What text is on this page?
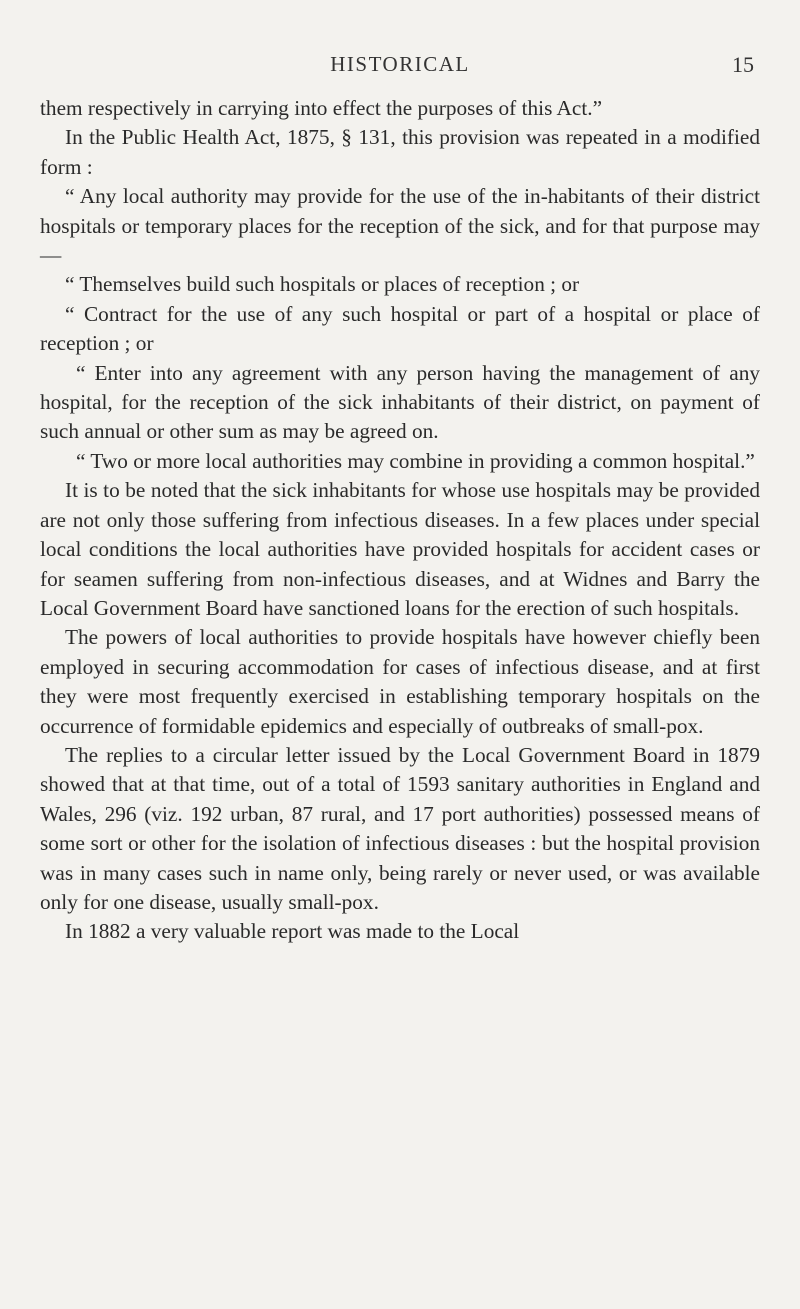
HISTORICAL	15

them respectively in carrying into effect the purposes of this Act.”

In the Public Health Act, 1875, § 131, this provision was repeated in a modified form :

“ Any local authority may provide for the use of the in-habitants of their district hospitals or temporary places for the reception of the sick, and for that purpose may—

“ Themselves build such hospitals or places of reception ; or

“ Contract for the use of any such hospital or part of a hospital or place of reception ; or

“ Enter into any agreement with any person having the management of any hospital, for the reception of the sick inhabitants of their district, on payment of such annual or other sum as may be agreed on.

“ Two or more local authorities may combine in providing a common hospital.”

It is to be noted that the sick inhabitants for whose use hospitals may be provided are not only those suffering from infectious diseases. In a few places under special local conditions the local authorities have provided hospitals for accident cases or for seamen suffering from non-infectious diseases, and at Widnes and Barry the Local Government Board have sanctioned loans for the erection of such hospitals.

The powers of local authorities to provide hospitals have however chiefly been employed in securing accommodation for cases of infectious disease, and at first they were most frequently exercised in establishing temporary hospitals on the occurrence of formidable epidemics and especially of outbreaks of small-pox.

The replies to a circular letter issued by the Local Government Board in 1879 showed that at that time, out of a total of 1593 sanitary authorities in England and Wales, 296 (viz. 192 urban, 87 rural, and 17 port authorities) possessed means of some sort or other for the isolation of infectious diseases : but the hospital provision was in many cases such in name only, being rarely or never used, or was available only for one disease, usually small-pox.

In 1882 a very valuable report was made to the Local
